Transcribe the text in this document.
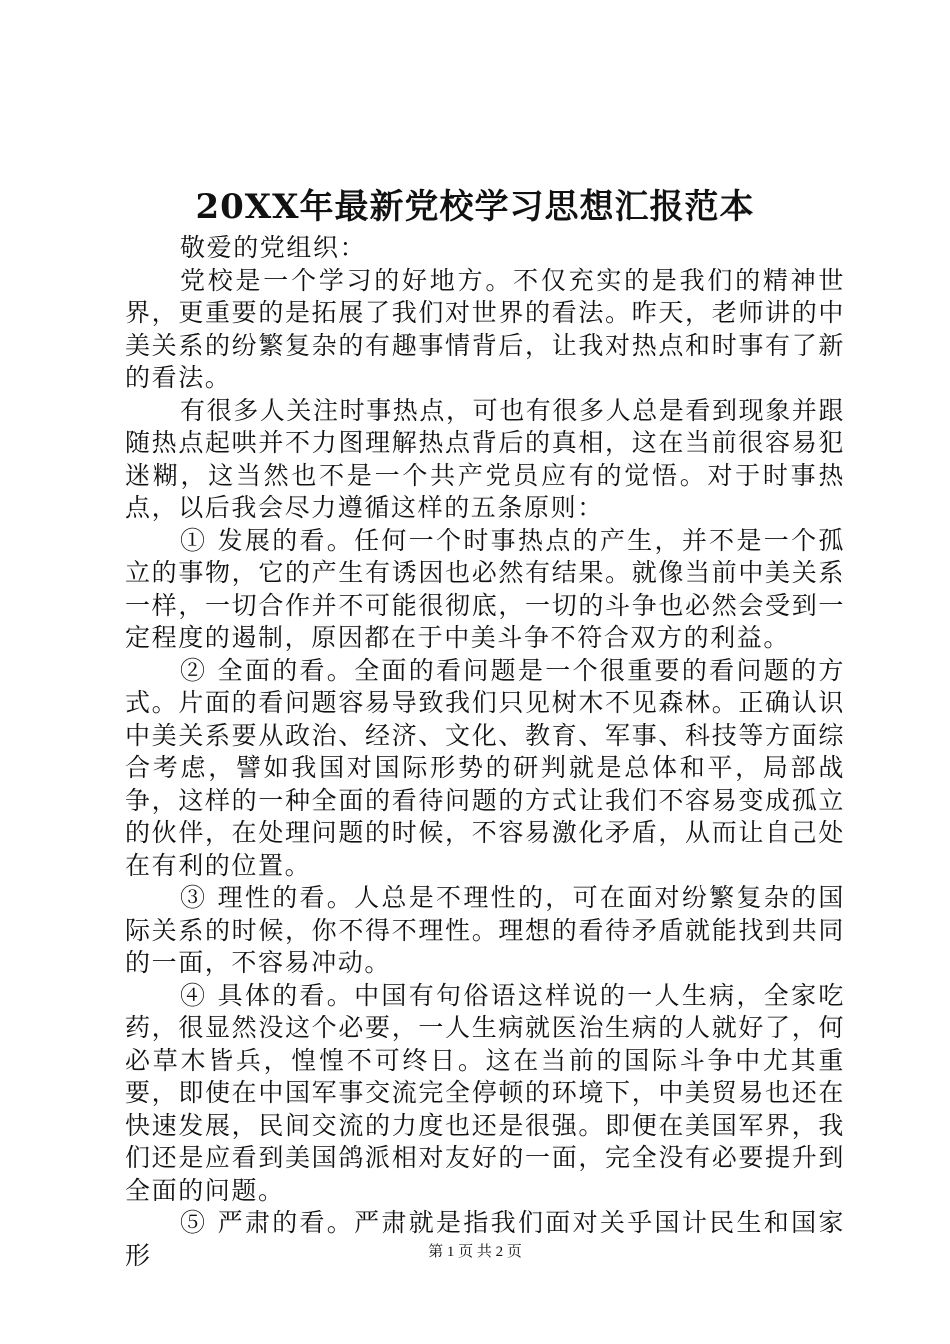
20XX年最新党校学习思想汇报范本

敬爱的党组织：

党校是一个学习的好地方。不仅充实的是我们的精神世界，更重要的是拓展了我们对世界的看法。昨天，老师讲的中美关系的纷繁复杂的有趣事情背后，让我对热点和时事有了新的看法。

有很多人关注时事热点，可也有很多人总是看到现象并跟随热点起哄并不力图理解热点背后的真相，这在当前很容易犯迷糊，这当然也不是一个共产党员应有的觉悟。对于时事热点，以后我会尽力遵循这样的五条原则：

① 发展的看。任何一个时事热点的产生，并不是一个孤立的事物，它的产生有诱因也必然有结果。就像当前中美关系一样，一切合作并不可能很彻底，一切的斗争也必然会受到一定程度的遏制，原因都在于中美斗争不符合双方的利益。

② 全面的看。全面的看问题是一个很重要的看问题的方式。片面的看问题容易导致我们只见树木不见森林。正确认识中美关系要从政治、经济、文化、教育、军事、科技等方面综合考虑，譬如我国对国际形势的研判就是总体和平，局部战争，这样的一种全面的看待问题的方式让我们不容易变成孤立的伙伴，在处理问题的时候，不容易激化矛盾，从而让自己处在有利的位置。

③ 理性的看。人总是不理性的，可在面对纷繁复杂的国际关系的时候，你不得不理性。理想的看待矛盾就能找到共同的一面，不容易冲动。

④ 具体的看。中国有句俗语这样说的一人生病，全家吃药，很显然没这个必要，一人生病就医治生病的人就好了，何必草木皆兵，惶惶不可终日。这在当前的国际斗争中尤其重要，即使在中国军事交流完全停顿的环境下，中美贸易也还在快速发展，民间交流的力度也还是很强。即便在美国军界，我们还是应看到美国鸽派相对友好的一面，完全没有必要提升到全面的问题。

⑤ 严肃的看。严肃就是指我们面对关乎国计民生和国家形	第 1 页 共 2 页
